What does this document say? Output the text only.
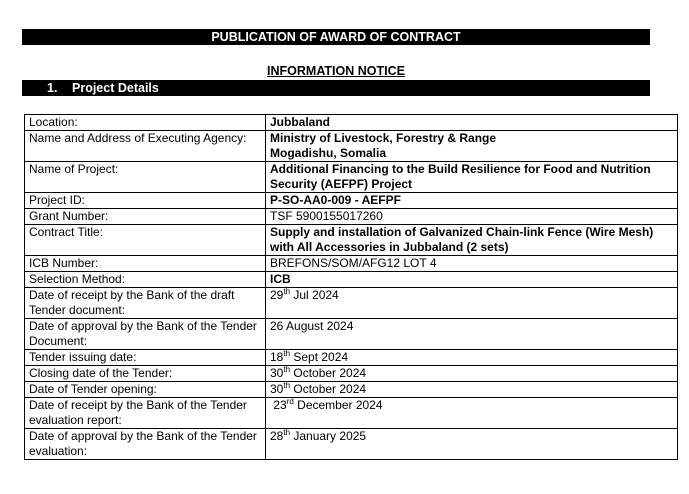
PUBLICATION OF AWARD OF CONTRACT
INFORMATION NOTICE
1. Project Details
Location:	Jubbaland
Name and Address of Executing Agency:	Ministry of Livestock, Forestry & Range
Mogadishu, Somalia

Name of Project:	Additional Financing to the Build Resilience for Food and Nutrition Security (AEFPF) Project
Project ID:	P-SO-AA0-009 - AEFPF
Grant Number:	TSF 5900155017260
Contract Title:	Supply and installation of Galvanized Chain-link Fence (Wire Mesh) with All Accessories in Jubbaland (2 sets)
ICB Number:	BREFONS/SOM/AFG12 LOT 4
Selection Method:	ICB
Date of receipt by the Bank of the draft Tender document:	29th Jul 2024
Date of approval by the Bank of the Tender Document:	26 August 2024
Tender issuing date:	18th Sept 2024
Closing date of the Tender:	30th October 2024
Date of Tender opening:	30th October 2024
Date of receipt by the Bank of the Tender evaluation report:	23rd December 2024
Date of approval by the Bank of the Tender evaluation:	28th January 2025
